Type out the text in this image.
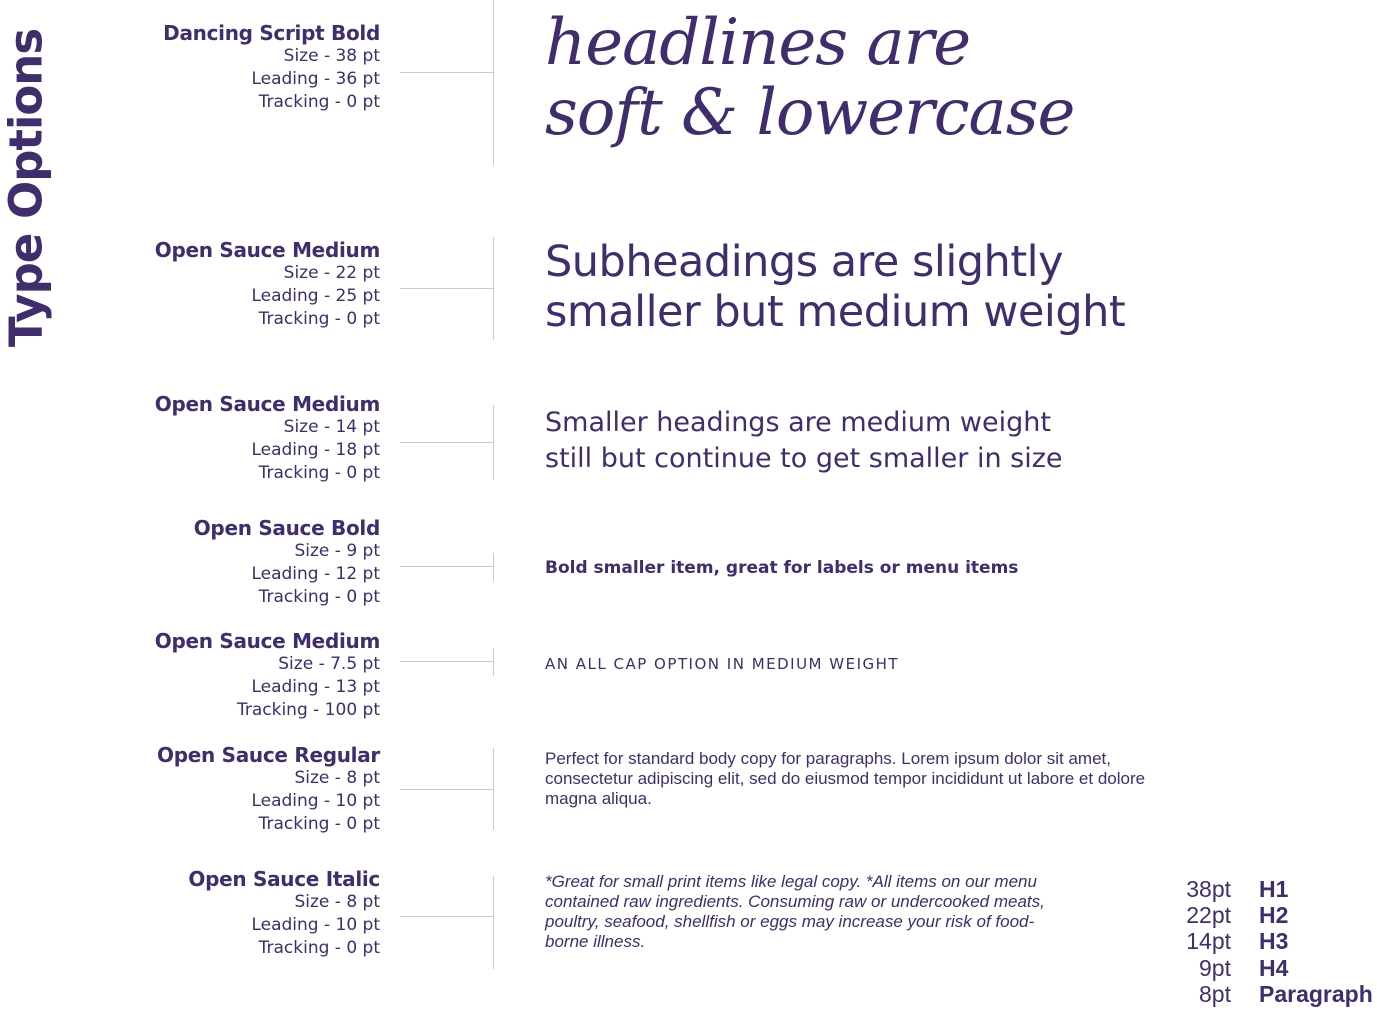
Type Options	Dancing Script Bold
Size - 38 pt
Leading - 36 pt
Tracking - 0 pt
Open Sauce Medium
Size - 22 pt
Leading - 25 pt
Tracking - 0 pt
Open Sauce Medium
Size - 14 pt
Leading - 18 pt
Tracking - 0 pt
Open Sauce Bold
Size - 9 pt
Leading - 12 pt
Tracking - 0 pt
Open Sauce Medium
Size - 7.5 pt
Leading - 13 pt
Tracking - 100 pt
Open Sauce Regular
Size - 8 pt
Leading - 10 pt
Tracking - 0 pt
Open Sauce Italic
Size - 8 pt
Leading - 10 pt
Tracking - 0 pt
headlines are
soft & lowercase
Subheadings are slightly
smaller but medium weight
Smaller headings are medium weight
still but continue to get smaller in size
Bold smaller item, great for labels or menu items
AN ALL CAP OPTION IN MEDIUM WEIGHT
Perfect for standard body copy for paragraphs. Lorem ipsum dolor sit amet, consectetur adipiscing elit, sed do eiusmod tempor incididunt ut labore et dolore magna aliqua.
*Great for small print items like legal copy. *All items on our menu contained raw ingredients. Consuming raw or undercooked meats, poultry, seafood, shellfish or eggs may increase your risk of food-borne illness.
38pt H1
22pt H2
14pt H3
9pt H4
8pt Paragraph
